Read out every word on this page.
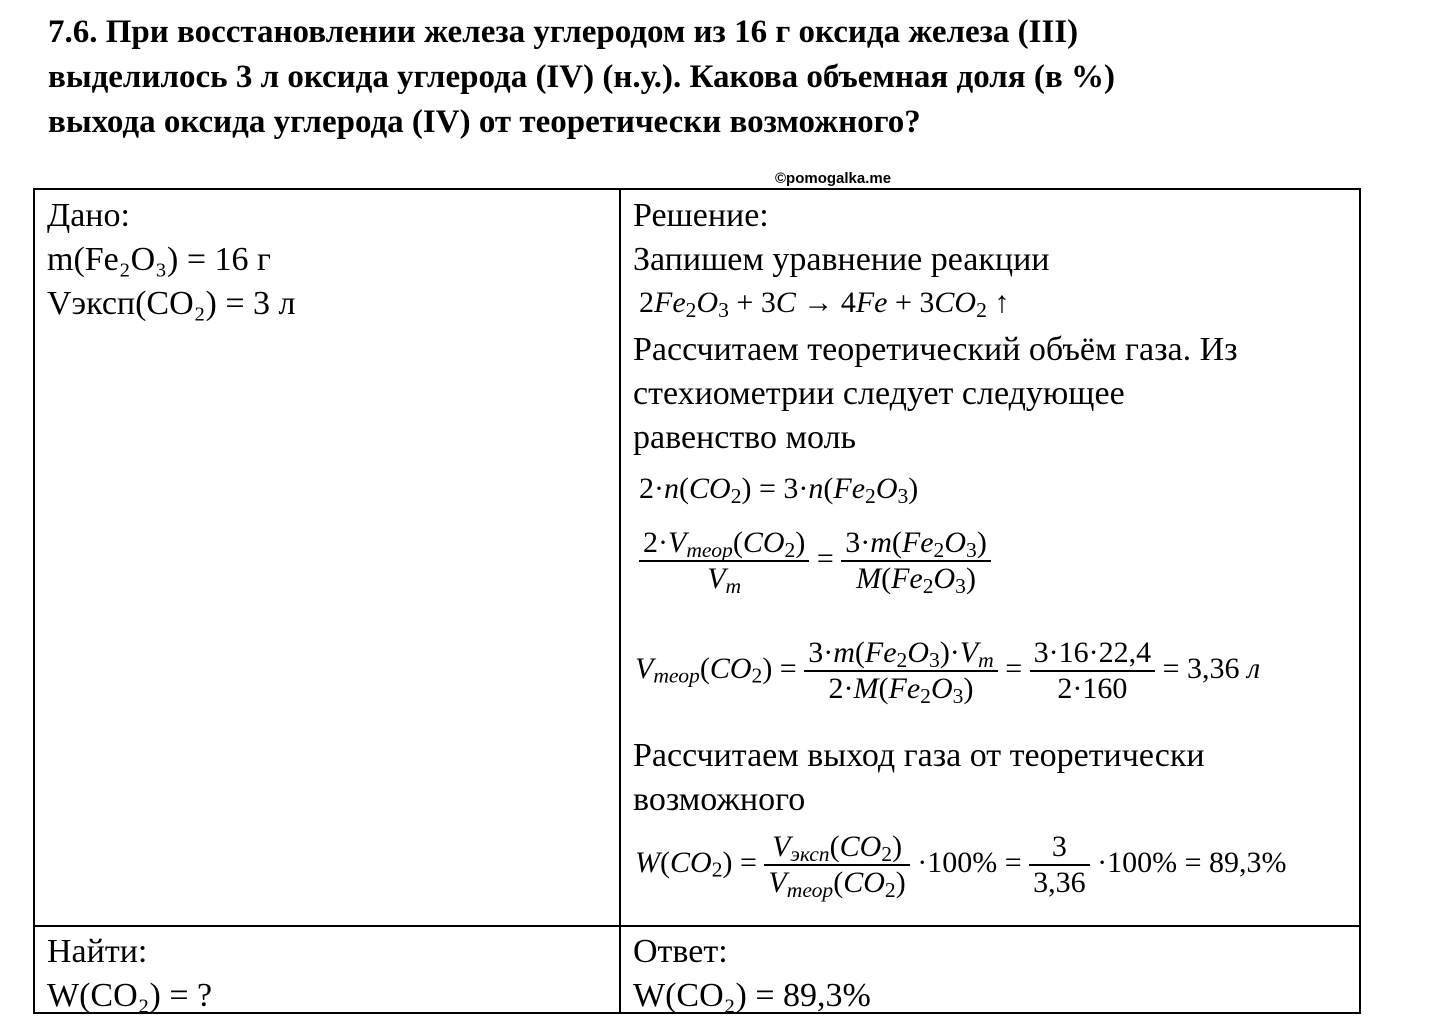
7.6. При восстановлении железа углеродом из 16 г оксида железа (III)
выделилось 3 л оксида углерода (IV) (н.у.). Какова объемная доля (в %)
выхода оксида углерода (IV) от теоретически возможного?
©pomogalka.me
Дано:
m(Fe₂O₃) = 16 г
Vэксп(CO₂) = 3 л
Найти:
W(CO₂) = ?
Решение:
Запишем уравнение реакции
Рассчитаем теоретический объём газа. Из
стехиометрии следует следующее
равенство моль
Рассчитаем выход газа от теоретически
возможного
$2Fe_2O_3 + 3C \to 4Fe + 3CO_2$ ↑
$2\cdot n(CO_2) = 3\cdot n(Fe_2O_3)$
$\frac{2\cdot V_{теор}(CO_2)}{V_m} = \frac{3\cdot m(Fe_2O_3)}{M(Fe_2O_3)}$
$V_{теор}(CO_2) = \frac{3\cdot m(Fe_2O_3)\cdot V_m}{2\cdot M(Fe_2O_3)} = \frac{3\cdot 16\cdot 22,4}{2\cdot 160} = 3,36$ л
$W(CO_2) = \frac{V_{эксп}(CO_2)}{V_{теор}(CO_2)} \cdot 100\% = \frac{3}{3,36} \cdot 100\% = 89,3\%$
Ответ:
W(CO₂) = 89,3%
